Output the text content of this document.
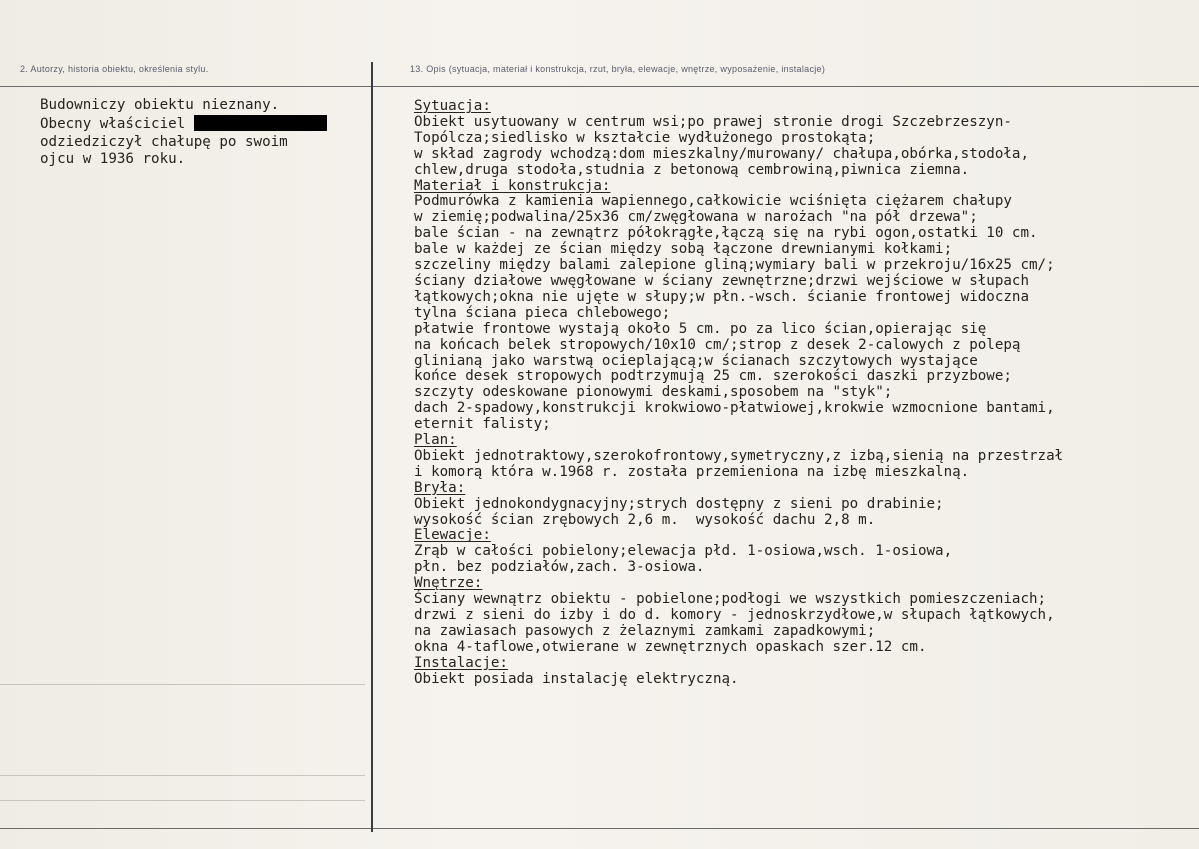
2. Autorzy, historia obiektu, określenia stylu.	13. Opis (sytuacja, materiał i konstrukcja, rzut, bryła, elewacje, wnętrze, wyposażenie, instalacje)
Budowniczy obiektu nieznany.
Obecny właściciel
odziedziczył chałupę po swoim
ojcu w 1936 roku.
Sytuacja:
Obiekt usytuowany w centrum wsi;po prawej stronie drogi Szczebrzeszyn-
Topólcza;siedlisko w kształcie wydłużonego prostokąta;
w skład zagrody wchodzą:dom mieszkalny/murowany/ chałupa,obórka,stodoła,
chlew,druga stodoła,studnia z betonową cembrowiną,piwnica ziemna.
Materiał i konstrukcja:
Podmurówka z kamienia wapiennego,całkowicie wciśnięta ciężarem chałupy
w ziemię;podwalina/25x36 cm/zwęgłowana w narożach "na pół drzewa";
bale ścian - na zewnątrz półokrągłe,łączą się na rybi ogon,ostatki 10 cm.
bale w każdej ze ścian między sobą łączone drewnianymi kołkami;
szczeliny między balami zalepione gliną;wymiary bali w przekroju/16x25 cm/;
ściany działowe wwęgłowane w ściany zewnętrzne;drzwi wejściowe w słupach
łątkowych;okna nie ujęte w słupy;w płn.-wsch. ścianie frontowej widoczna
tylna ściana pieca chlebowego;
płatwie frontowe wystają około 5 cm. po za lico ścian,opierając się
na końcach belek stropowych/10x10 cm/;strop z desek 2-calowych z polepą
glinianą jako warstwą ocieplającą;w ścianach szczytowych wystające
końce desek stropowych podtrzymują 25 cm. szerokości daszki przyzbowe;
szczyty odeskowane pionowymi deskami,sposobem na "styk";
dach 2-spadowy,konstrukcji krokwiowo-płatwiowej,krokwie wzmocnione bantami,
eternit falisty;
Plan:
Obiekt jednotraktowy,szerokofrontowy,symetryczny,z izbą,sienią na przestrzał
i komorą która w.1968 r. została przemieniona na izbę mieszkalną.
Bryła:
Obiekt jednokondygnacyjny;strych dostępny z sieni po drabinie;
wysokość ścian zrębowych 2,6 m.  wysokość dachu 2,8 m.
Elewacje:
Zrąb w całości pobielony;elewacja płd. 1-osiowa,wsch. 1-osiowa,
płn. bez podziałów,zach. 3-osiowa.
Wnętrze:
Ściany wewnątrz obiektu - pobielone;podłogi we wszystkich pomieszczeniach;
drzwi z sieni do izby i do d. komory - jednoskrzydłowe,w słupach łątkowych,
na zawiasach pasowych z żelaznymi zamkami zapadkowymi;
okna 4-taflowe,otwierane w zewnętrznych opaskach szer.12 cm.
Instalacje:
Obiekt posiada instalację elektryczną.
